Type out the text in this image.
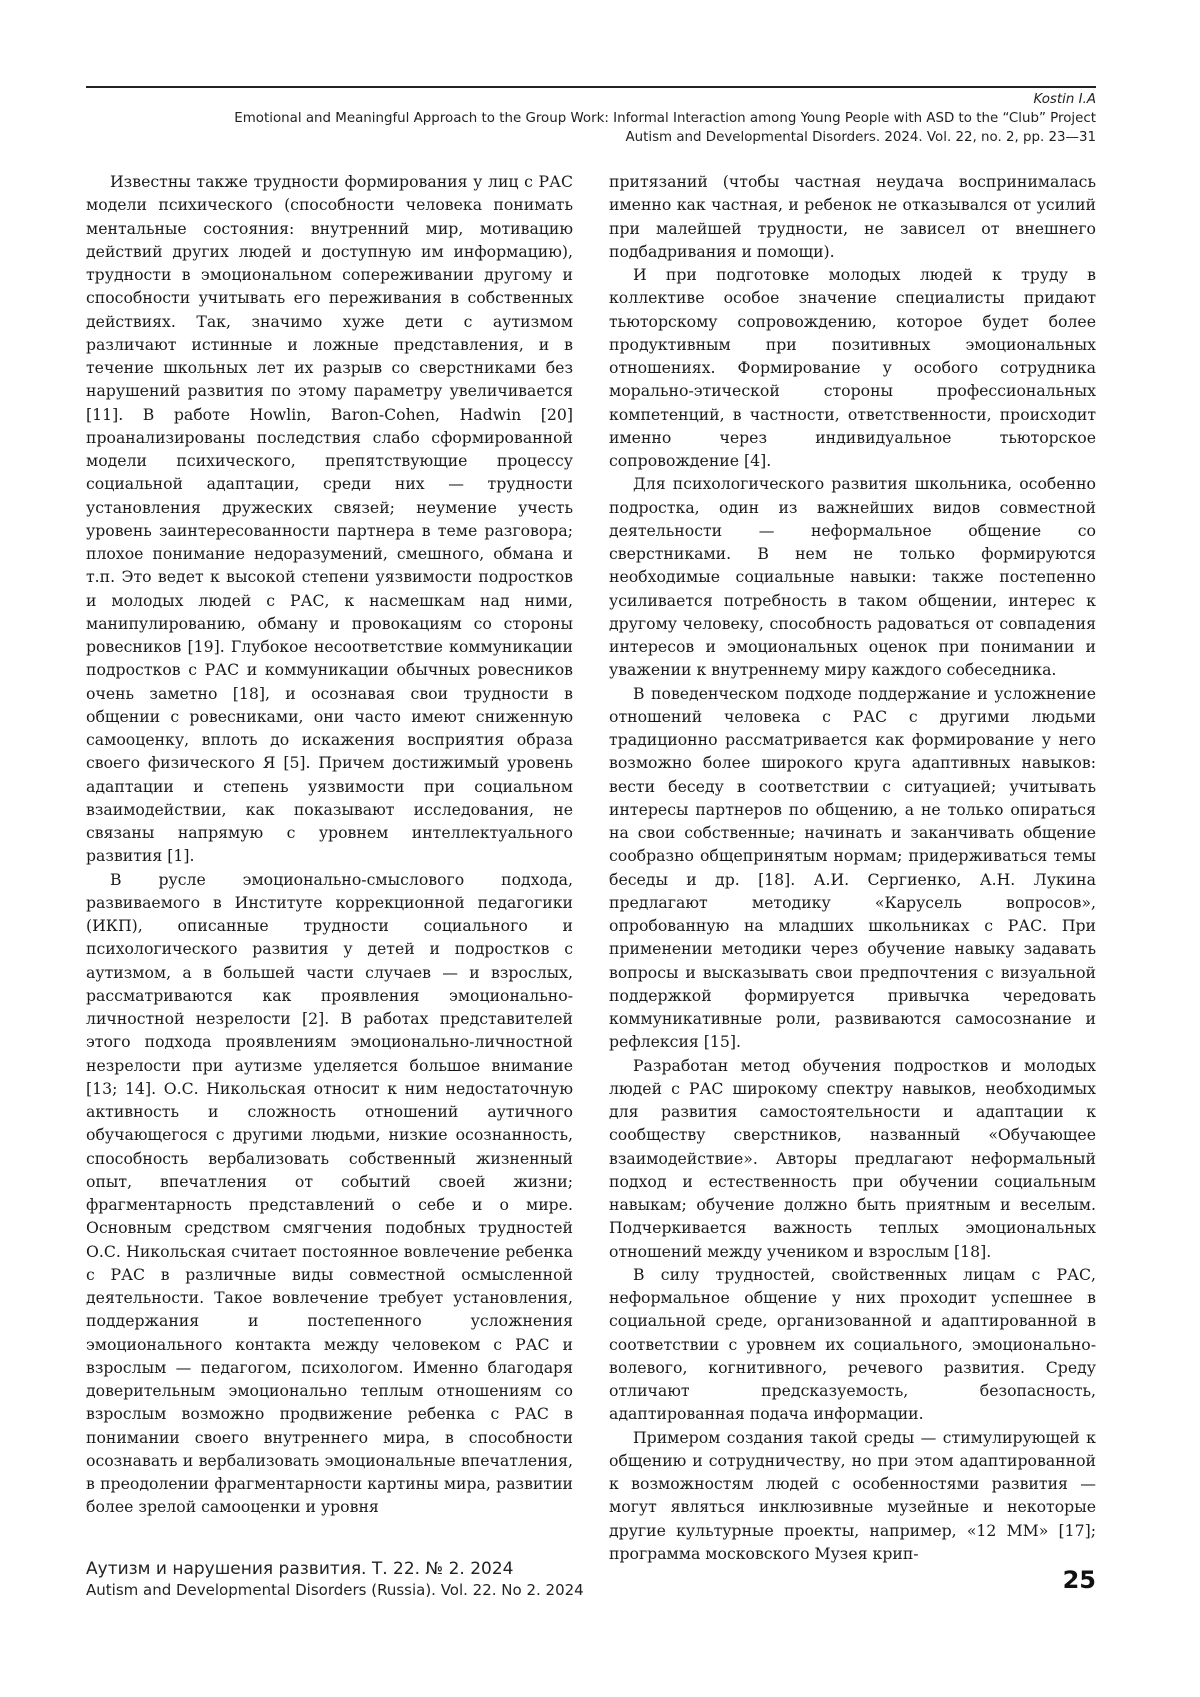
Kostin I.A
Emotional and Meaningful Approach to the Group Work: Informal Interaction among Young People with ASD to the “Club” Project
Autism and Developmental Disorders. 2024. Vol. 22, no. 2, pp. 23—31

Известны также трудности формирования у лиц с РАС модели психического (способности человека понимать ментальные состояния: внутренний мир, мотивацию действий других людей и доступную им информацию), трудности в эмоциональном сопереживании другому и способности учитывать его переживания в собственных действиях. Так, значимо хуже дети с аутизмом различают истинные и ложные представления, и в течение школьных лет их разрыв со сверстниками без нарушений развития по этому параметру увеличивается [11]. В работе Howlin, Baron-Cohen, Hadwin [20] проанализированы последствия слабо сформированной модели психического, препятствующие процессу социальной адаптации, среди них — трудности установления дружеских связей; неумение учесть уровень заинтересованности партнера в теме разговора; плохое понимание недоразумений, смешного, обмана и т.п. Это ведет к высокой степени уязвимости подростков и молодых людей с РАС, к насмешкам над ними, манипулированию, обману и провокациям со стороны ровесников [19]. Глубокое несоответствие коммуникации подростков с РАС и коммуникации обычных ровесников очень заметно [18], и осознавая свои трудности в общении с ровесниками, они часто имеют сниженную самооценку, вплоть до искажения восприятия образа своего физического Я [5]. Причем достижимый уровень адаптации и степень уязвимости при социальном взаимодействии, как показывают исследования, не связаны напрямую с уровнем интеллектуального развития [1].

В русле эмоционально-смыслового подхода, развиваемого в Институте коррекционной педагогики (ИКП), описанные трудности социального и психологического развития у детей и подростков с аутизмом, а в большей части случаев — и взрослых, рассматриваются как проявления эмоционально-личностной незрелости [2]. В работах представителей этого подхода проявлениям эмоционально-личностной незрелости при аутизме уделяется большое внимание [13; 14]. О.С. Никольская относит к ним недостаточную активность и сложность отношений аутичного обучающегося с другими людьми, низкие осознанность, способность вербализовать собственный жизненный опыт, впечатления от событий своей жизни; фрагментарность представлений о себе и о мире. Основным средством смягчения подобных трудностей О.С. Никольская считает постоянное вовлечение ребенка с РАС в различные виды совместной осмысленной деятельности. Такое вовлечение требует установления, поддержания и постепенного усложнения эмоционального контакта между человеком с РАС и взрослым — педагогом, психологом. Именно благодаря доверительным эмоционально теплым отношениям со взрослым возможно продвижение ребенка с РАС в понимании своего внутреннего мира, в способности осознавать и вербализовать эмоциональные впечатления, в преодолении фрагментарности картины мира, развитии более зрелой самооценки и уровня

притязаний (чтобы частная неудача воспринималась именно как частная, и ребенок не отказывался от усилий при малейшей трудности, не зависел от внешнего подбадривания и помощи).

И при подготовке молодых людей к труду в коллективе особое значение специалисты придают тьюторскому сопровождению, которое будет более продуктивным при позитивных эмоциональных отношениях. Формирование у особого сотрудника морально-этической стороны профессиональных компетенций, в частности, ответственности, происходит именно через индивидуальное тьюторское сопровождение [4].

Для психологического развития школьника, особенно подростка, один из важнейших видов совместной деятельности — неформальное общение со сверстниками. В нем не только формируются необходимые социальные навыки: также постепенно усиливается потребность в таком общении, интерес к другому человеку, способность радоваться от совпадения интересов и эмоциональных оценок при понимании и уважении к внутреннему миру каждого собеседника.

В поведенческом подходе поддержание и усложнение отношений человека с РАС с другими людьми традиционно рассматривается как формирование у него возможно более широкого круга адаптивных навыков: вести беседу в соответствии с ситуацией; учитывать интересы партнеров по общению, а не только опираться на свои собственные; начинать и заканчивать общение сообразно общепринятым нормам; придерживаться темы беседы и др. [18]. А.И. Сергиенко, А.Н. Лукина предлагают методику «Карусель вопросов», опробованную на младших школьниках с РАС. При применении методики через обучение навыку задавать вопросы и высказывать свои предпочтения с визуальной поддержкой формируется привычка чередовать коммуникативные роли, развиваются самосознание и рефлексия [15].

Разработан метод обучения подростков и молодых людей с РАС широкому спектру навыков, необходимых для развития самостоятельности и адаптации к сообществу сверстников, названный «Обучающее взаимодействие». Авторы предлагают неформальный подход и естественность при обучении социальным навыкам; обучение должно быть приятным и веселым. Подчеркивается важность теплых эмоциональных отношений между учеником и взрослым [18].

В силу трудностей, свойственных лицам с РАС, неформальное общение у них проходит успешнее в социальной среде, организованной и адаптированной в соответствии с уровнем их социального, эмоционально-волевого, когнитивного, речевого развития. Среду отличают предсказуемость, безопасность, адаптированная подача информации.

Примером создания такой среды — стимулирующей к общению и сотрудничеству, но при этом адаптированной к возможностям людей с особенностями развития — могут являться инклюзивные музейные и некоторые другие культурные проекты, например, «12 ММ» [17]; программа московского Музея крип-

Аутизм и нарушения развития. Т. 22. № 2. 2024
Autism and Developmental Disorders (Russia). Vol. 22. No 2. 2024	25
